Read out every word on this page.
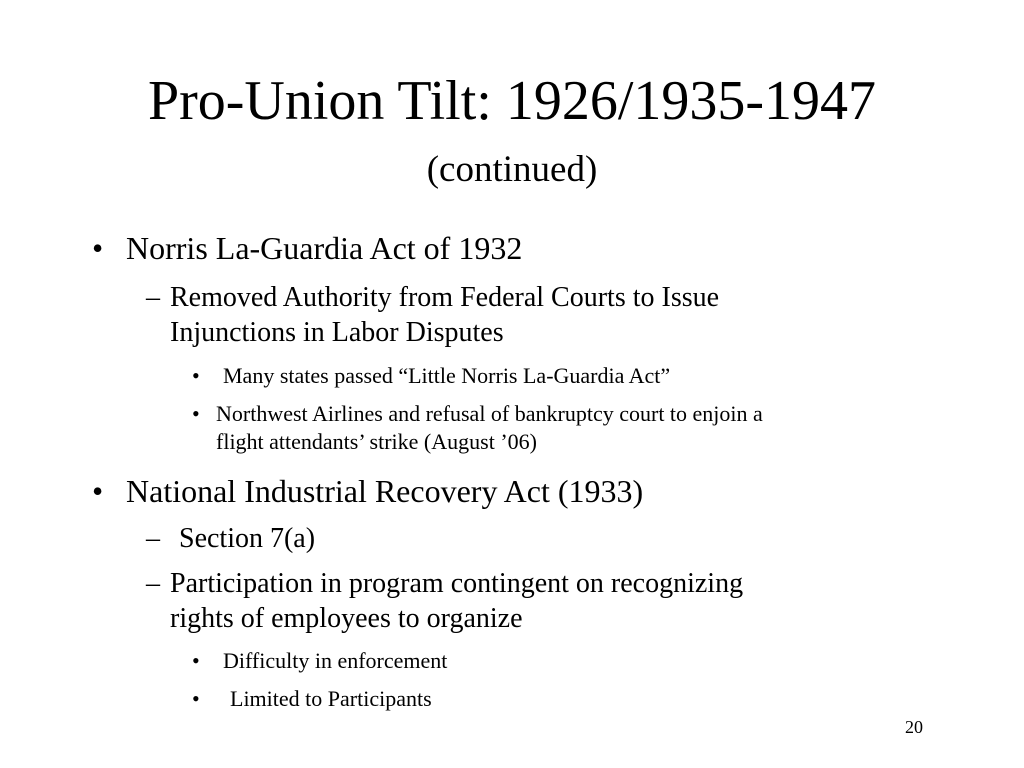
Pro-Union Tilt: 1926/1935-1947
(continued)
• Norris La-Guardia Act of 1932
– Removed Authority from Federal Courts to Issue
Injunctions in Labor Disputes
• Many states passed “Little Norris La-Guardia Act”
• Northwest Airlines and refusal of bankruptcy court to enjoin a
flight attendants’ strike (August ’06)
• National Industrial Recovery Act (1933)
– Section 7(a)
– Participation in program contingent on recognizing
rights of employees to organize
• Difficulty in enforcement
• Limited to Participants
20
